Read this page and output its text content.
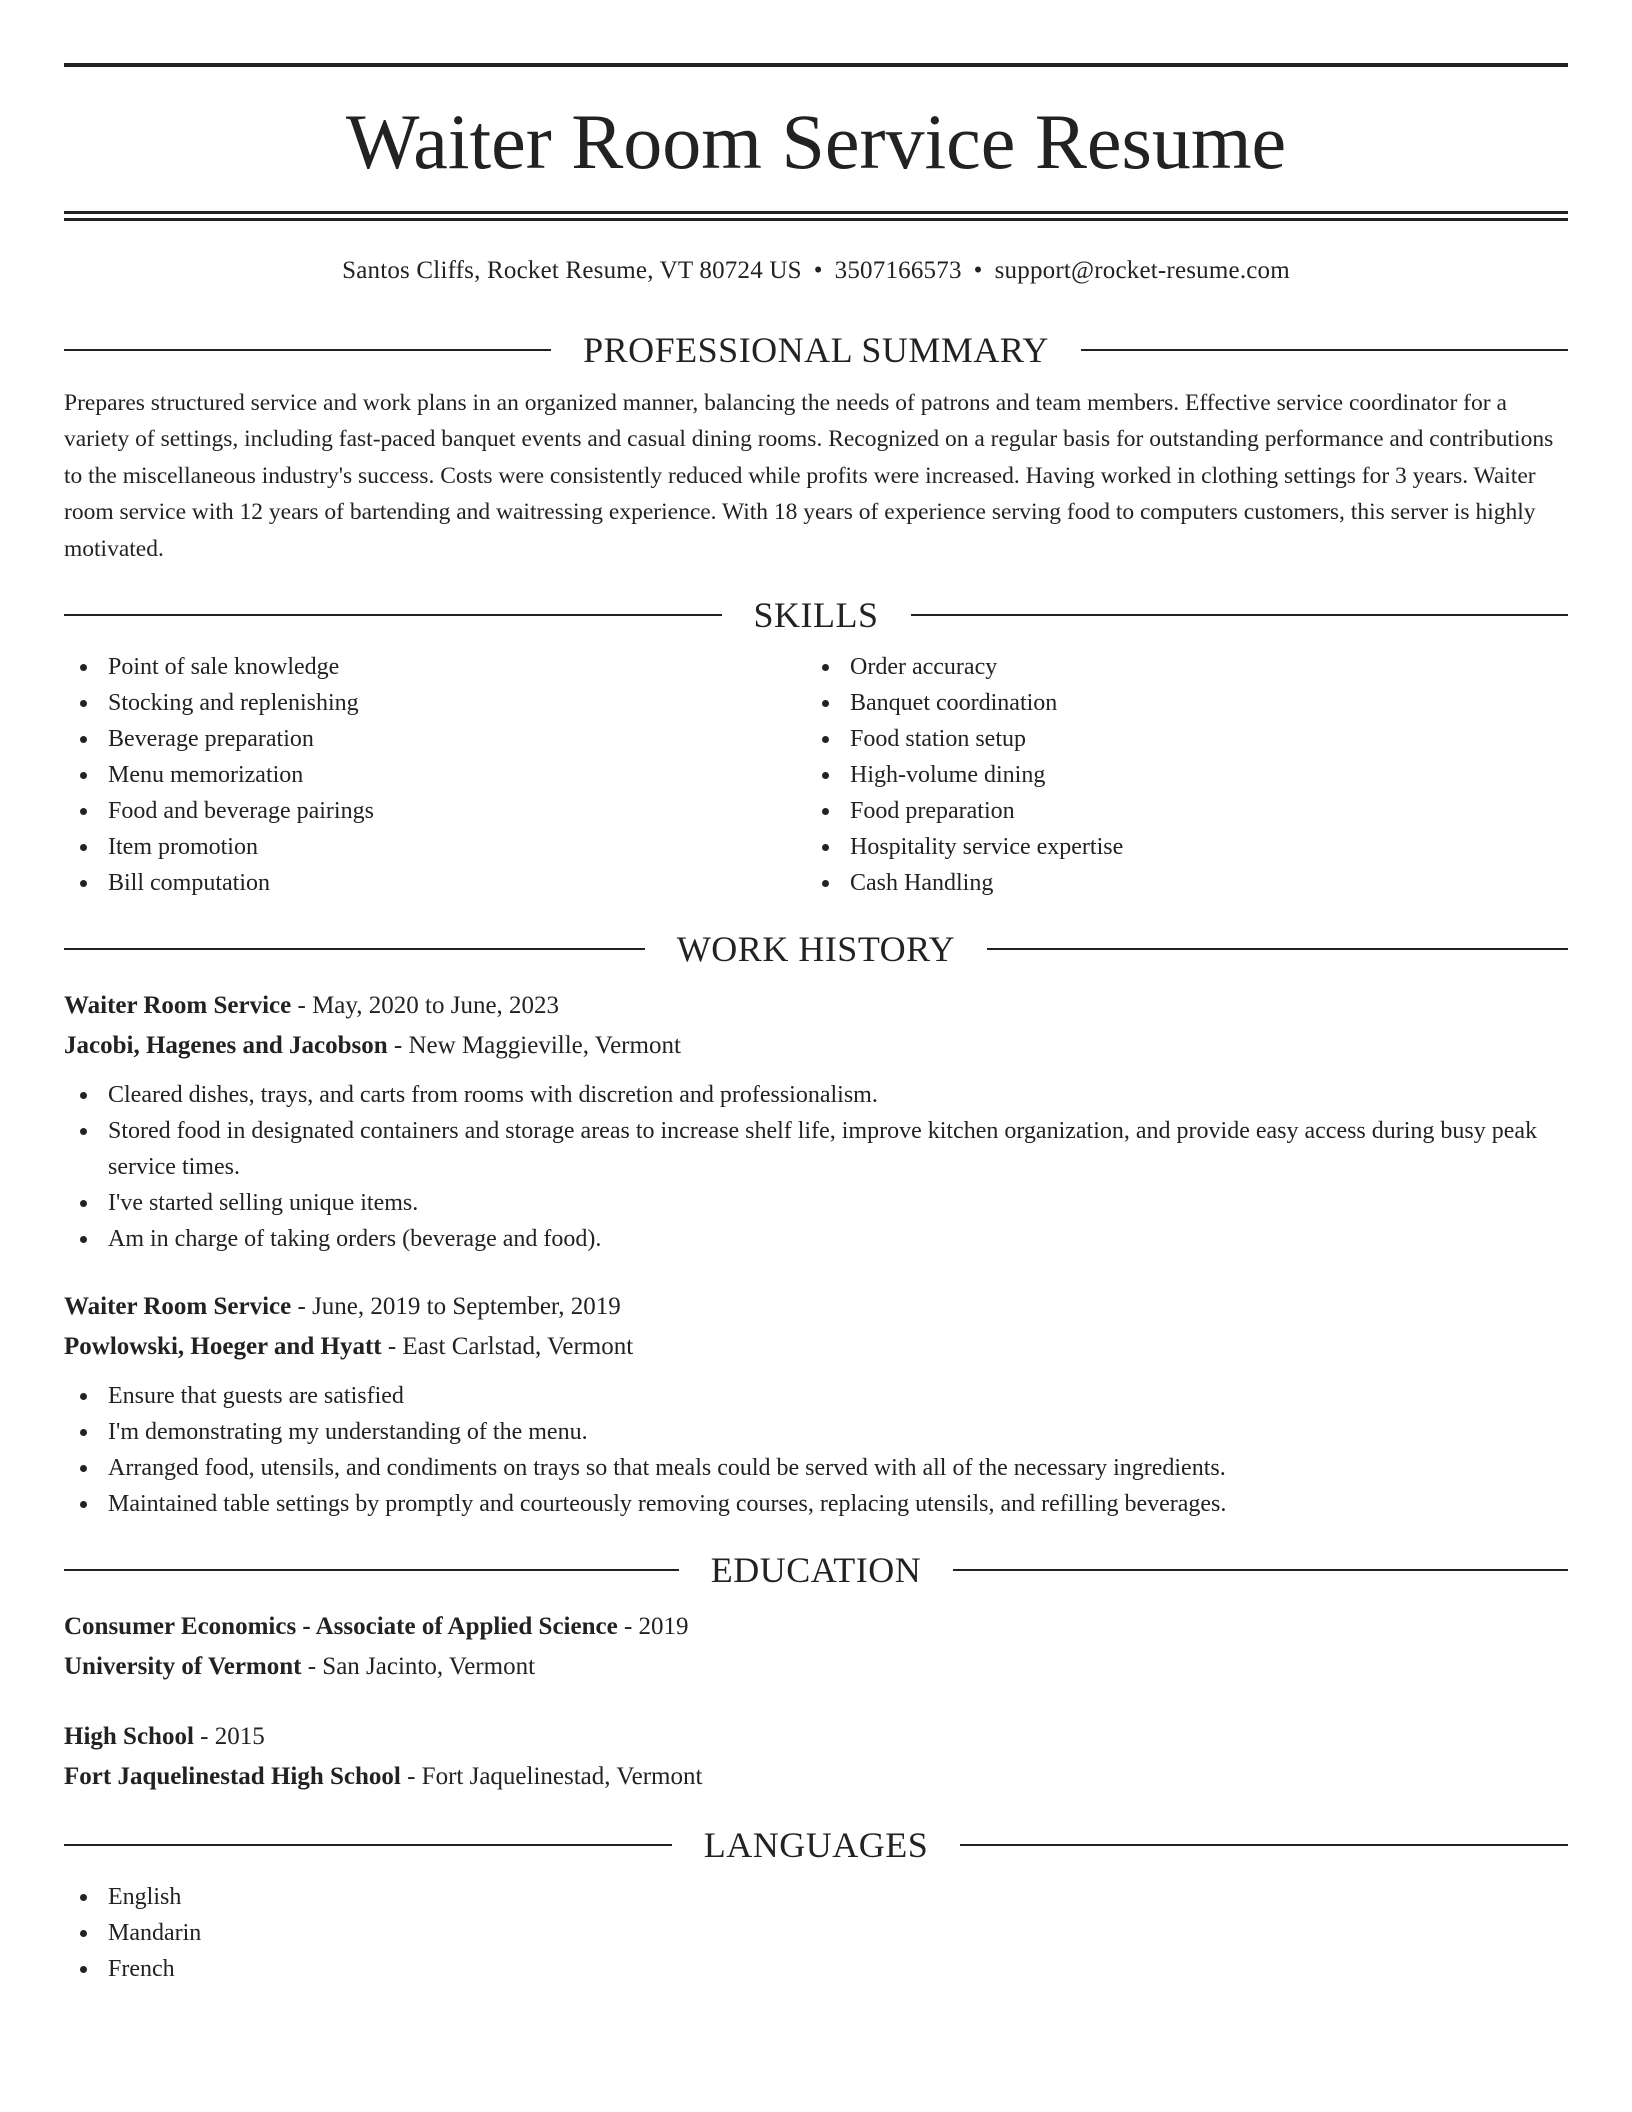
Waiter Room Service Resume
Santos Cliffs, Rocket Resume, VT 80724 US • 3507166573 • support@rocket-resume.com
PROFESSIONAL SUMMARY

Prepares structured service and work plans in an organized manner, balancing the needs of patrons and team members. Effective service coordinator for a variety of settings, including fast-paced banquet events and casual dining rooms. Recognized on a regular basis for outstanding performance and contributions to the miscellaneous industry's success. Costs were consistently reduced while profits were increased. Having worked in clothing settings for 3 years. Waiter room service with 12 years of bartending and waitressing experience. With 18 years of experience serving food to computers customers, this server is highly motivated.

SKILLS
Point of sale knowledge
Stocking and replenishing
Beverage preparation
Menu memorization
Food and beverage pairings
Item promotion
Bill computation
Order accuracy
Banquet coordination
Food station setup
High-volume dining
Food preparation
Hospitality service expertise
Cash Handling
WORK HISTORY
Waiter Room Service - May, 2020 to June, 2023
Jacobi, Hagenes and Jacobson - New Maggieville, Vermont
Cleared dishes, trays, and carts from rooms with discretion and professionalism.
Stored food in designated containers and storage areas to increase shelf life, improve kitchen organization, and provide easy access during busy peak service times.
I've started selling unique items.
Am in charge of taking orders (beverage and food).
Waiter Room Service - June, 2019 to September, 2019
Powlowski, Hoeger and Hyatt - East Carlstad, Vermont
Ensure that guests are satisfied
I'm demonstrating my understanding of the menu.
Arranged food, utensils, and condiments on trays so that meals could be served with all of the necessary ingredients.
Maintained table settings by promptly and courteously removing courses, replacing utensils, and refilling beverages.
EDUCATION
Consumer Economics - Associate of Applied Science - 2019
University of Vermont - San Jacinto, Vermont
High School - 2015
Fort Jaquelinestad High School - Fort Jaquelinestad, Vermont
LANGUAGES
English
Mandarin
French
